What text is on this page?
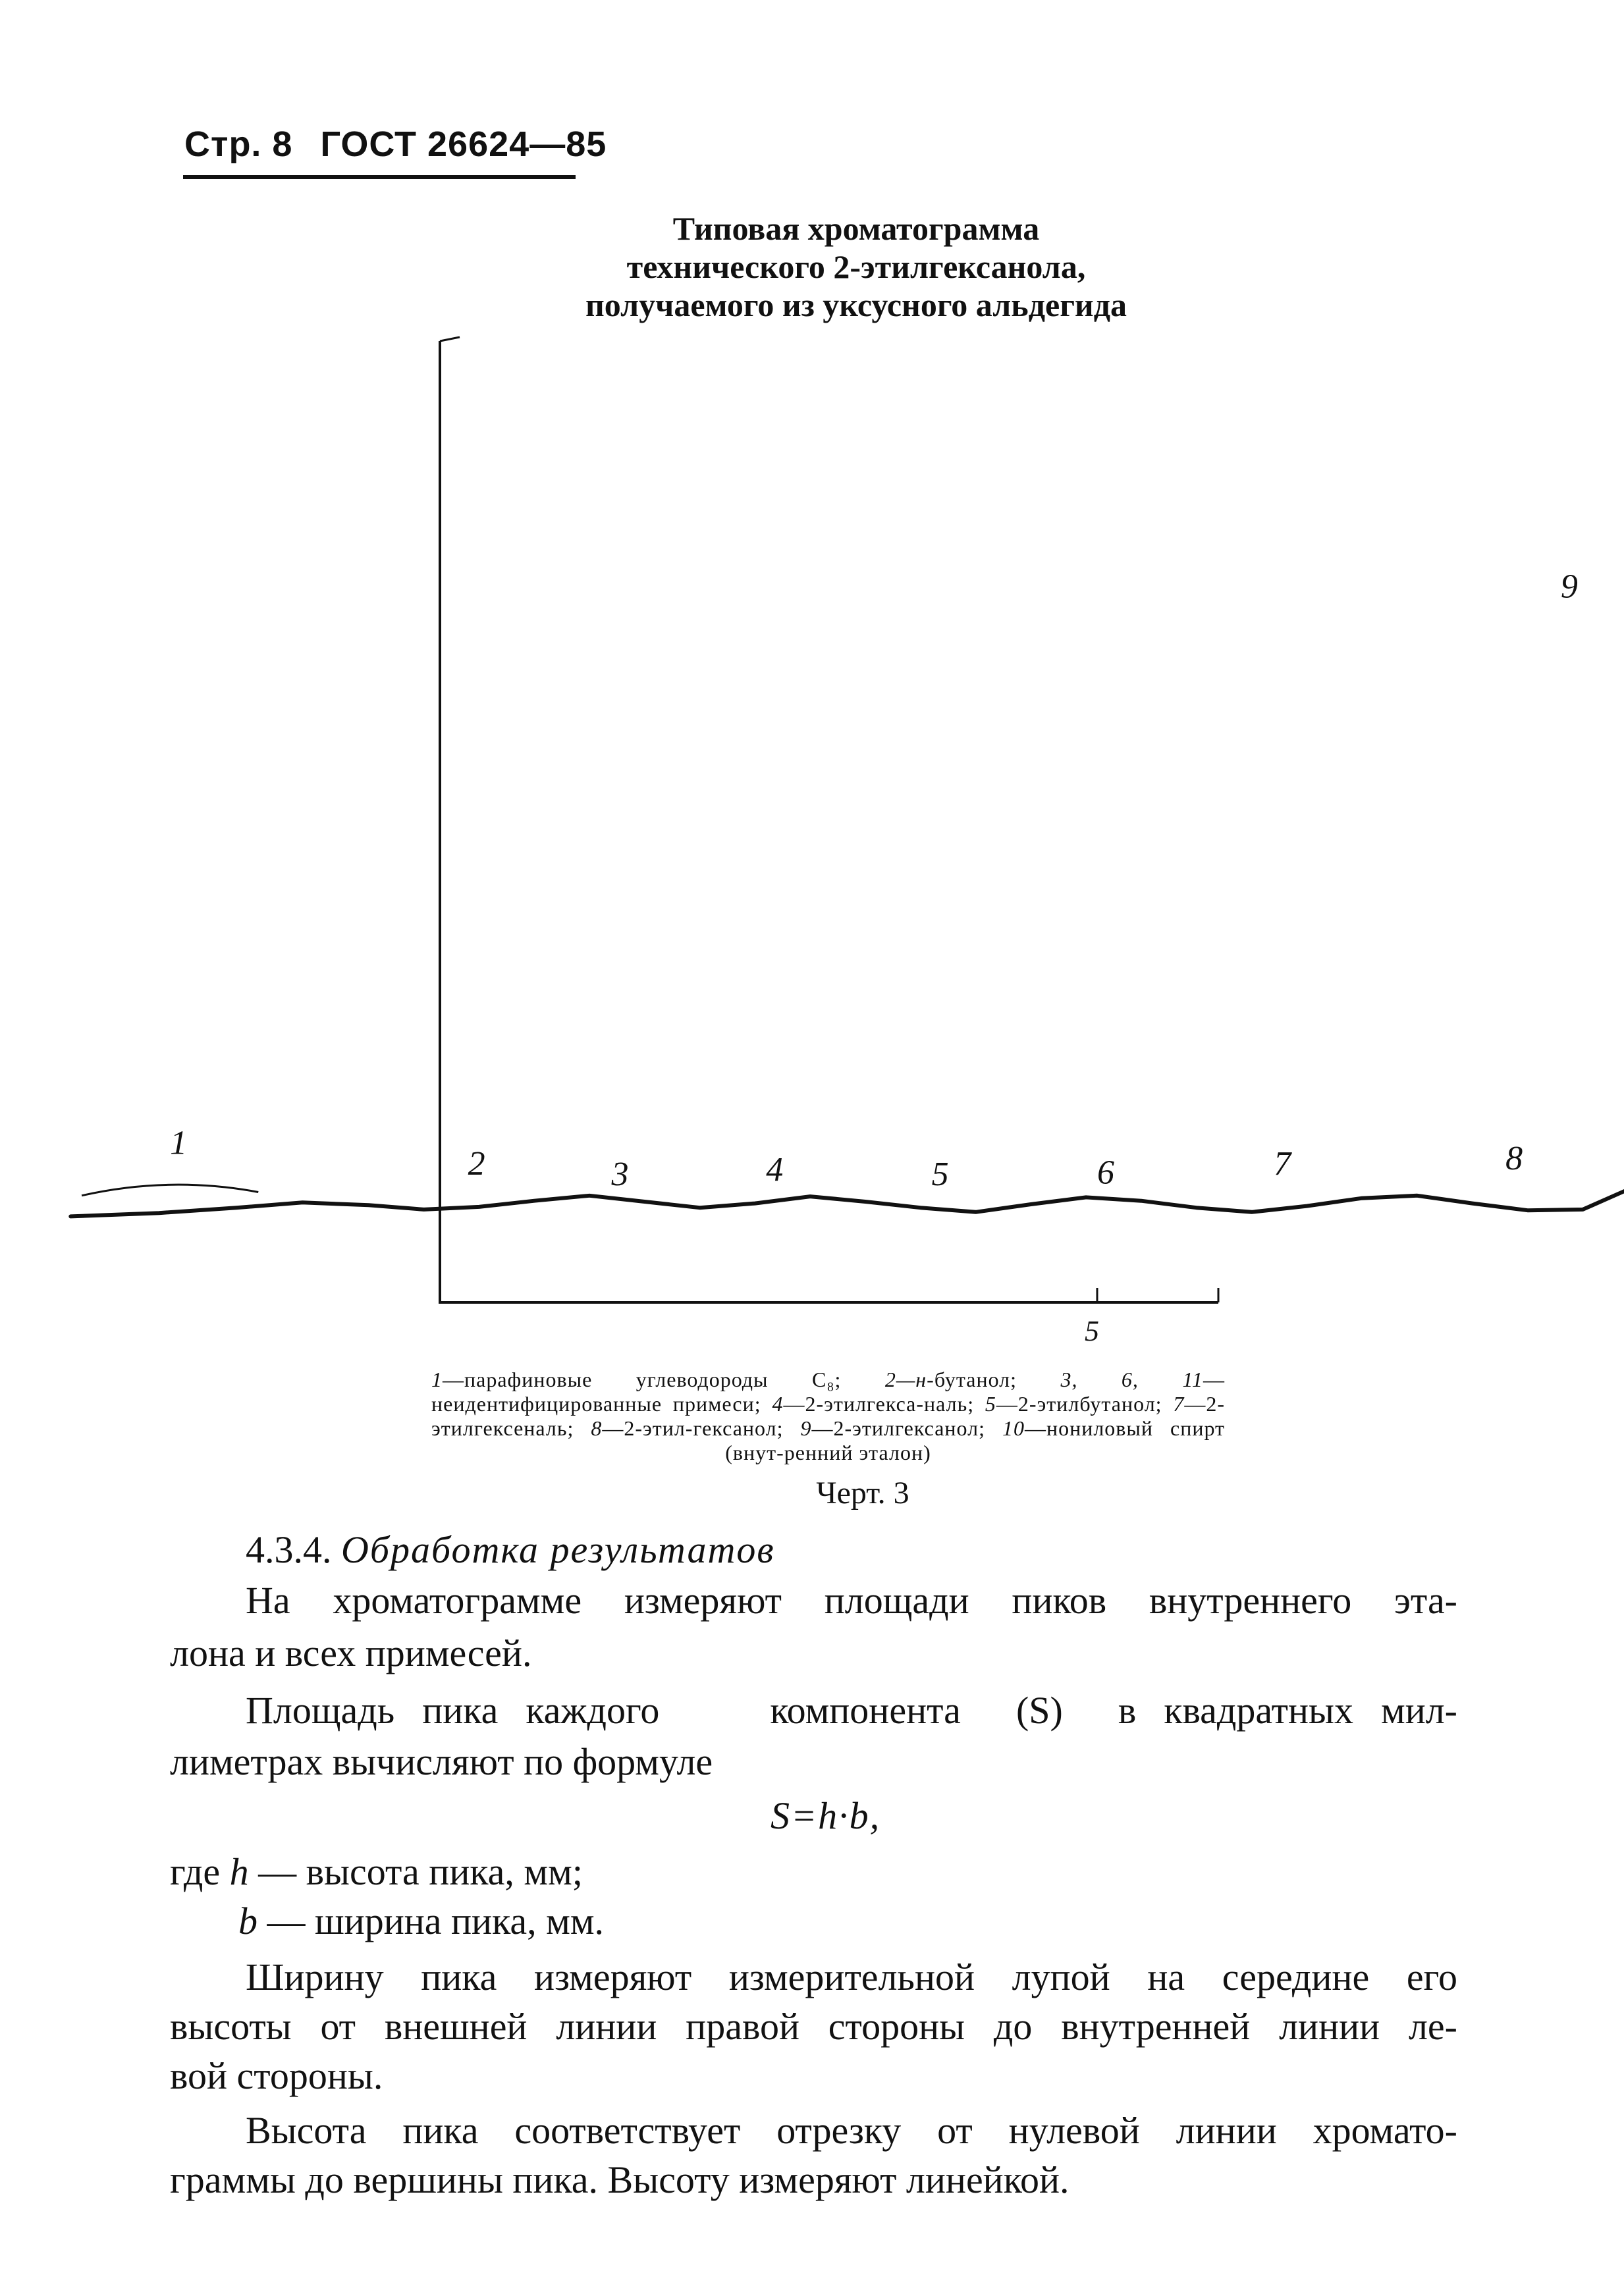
Стр. 8 ГОСТ 26624—85
Типовая хроматограмма
технического 2-этилгексанола,
получаемого из уксусного альдегида
5
1
2	3	4	5	6	7	8
9
1—парафиновые углеводороды C₈; 2—н-бутанол; 3, 6, 11—неидентифицированные примеси; 4—2-этилгекса-наль; 5—2-этилбутанол; 7—2-этилгексеналь; 8—2-этил-гексанол; 9—2-этилгексанол; 10—нониловый спирт (внут-ренний эталон)
Черт. 3
4.3.4. Обработка результатов
На хроматограмме измеряют площади пиков внутреннего эта-
лона и всех примесей.
Площадь пика каждого    компонента  (S)  в квадратных мил-
лиметрах вычисляют по формуле
S=h·b,
где h — высота пика, мм;
b — ширина пика, мм.
Ширину пика измеряют измерительной лупой на середине его
высоты от внешней линии правой стороны до внутренней линии ле-
вой стороны.
Высота пика соответствует отрезку от нулевой линии хромато-
граммы до вершины пика. Высоту измеряют линейкой.
